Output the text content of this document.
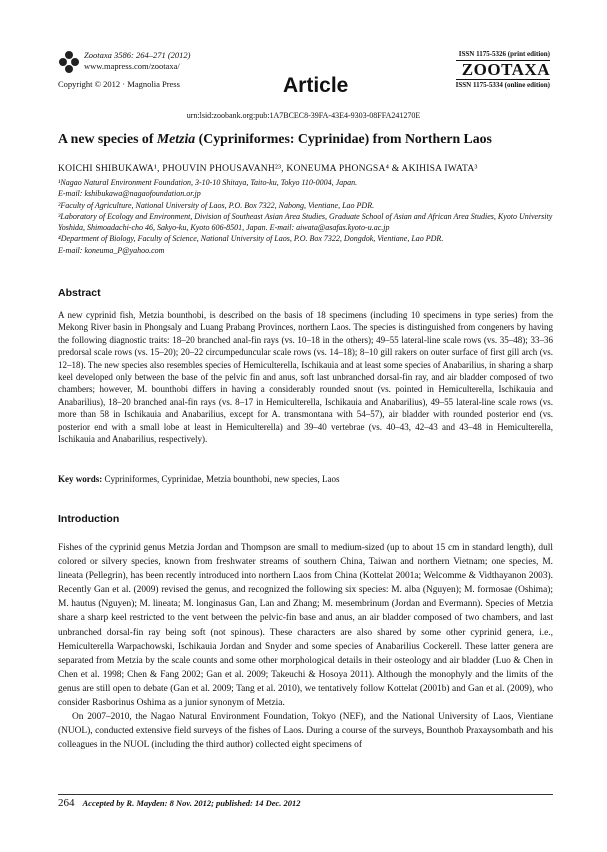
Zootaxa 3586: 264–271 (2012)
www.mapress.com/zootaxa/
Copyright © 2012 · Magnolia Press	Article
ISSN 1175-5326 (print edition)
ZOOTAXA
ISSN 1175-5334 (online edition)
urn:lsid:zoobank.org:pub:1A7BCEC8-39FA-43E4-9303-08FFA241270E
A new species of Metzia (Cypriniformes: Cyprinidae) from Northern Laos
KOICHI SHIBUKAWA¹, PHOUVIN PHOUSAVANH²³, KONEUMA PHONGSA⁴ & AKIHISA IWATA³
¹Nagao Natural Environment Foundation, 3-10-10 Shitaya, Taito-ku, Tokyo 110-0004, Japan.
E-mail: kshibukawa@nagaofoundation.or.jp
²Faculty of Agriculture, National University of Laos, P.O. Box 7322, Nabong, Vientiane, Lao PDR.
³Laboratory of Ecology and Environment, Division of Southeast Asian Area Studies, Graduate School of Asian and African Area Studies, Kyoto University Yoshida, Shimoadachi-cho 46, Sakyo-ku, Kyoto 606-8501, Japan. E-mail: aiwata@asafas.kyoto-u.ac.jp
⁴Department of Biology, Faculty of Science, National University of Laos, P.O. Box 7322, Dongdok, Vientiane, Lao PDR.
E-mail: koneuma_P@yahoo.com
Abstract
A new cyprinid fish, Metzia bounthobi, is described on the basis of 18 specimens (including 10 specimens in type series) from the Mekong River basin in Phongsaly and Luang Prabang Provinces, northern Laos. The species is distinguished from congeners by having the following diagnostic traits: 18–20 branched anal-fin rays (vs. 10–18 in the others); 49–55 lateral-line scale rows (vs. 35–48); 33–36 predorsal scale rows (vs. 15–20); 20–22 circumpeduncular scale rows (vs. 14–18); 8–10 gill rakers on outer surface of first gill arch (vs. 12–18). The new species also resembles species of Hemiculterella, Ischikauia and at least some species of Anabarilius, in sharing a sharp keel developed only between the base of the pelvic fin and anus, soft last unbranched dorsal-fin ray, and air bladder composed of two chambers; however, M. bounthobi differs in having a considerably rounded snout (vs. pointed in Hemiculterella, Ischikauia and Anabarilius), 18–20 branched anal-fin rays (vs. 8–17 in Hemiculterella, Ischikauia and Anabarilius), 49–55 lateral-line scale rows (vs. more than 58 in Ischikauia and Anabarilius, except for A. transmontana with 54–57), air bladder with rounded posterior end (vs. posterior end with a small lobe at least in Hemiculterella) and 39–40 vertebrae (vs. 40–43, 42–43 and 43–48 in Hemiculterella, Ischikauia and Anabarilius, respectively).
Key words: Cypriniformes, Cyprinidae, Metzia bounthobi, new species, Laos
Introduction

Fishes of the cyprinid genus Metzia Jordan and Thompson are small to medium-sized (up to about 15 cm in standard length), dull colored or silvery species, known from freshwater streams of southern China, Taiwan and northern Vietnam; one species, M. lineata (Pellegrin), has been recently introduced into northern Laos from China (Kottelat 2001a; Welcomme & Vidthayanon 2003). Recently Gan et al. (2009) revised the genus, and recognized the following six species: M. alba (Nguyen); M. formosae (Oshima); M. hautus (Nguyen); M. lineata; M. longinasus Gan, Lan and Zhang; M. mesembrinum (Jordan and Evermann). Species of Metzia share a sharp keel restricted to the vent between the pelvic-fin base and anus, an air bladder composed of two chambers, and last unbranched dorsal-fin ray being soft (not spinous). These characters are also shared by some other cyprinid genera, i.e., Hemiculterella Warpachowski, Ischikauia Jordan and Snyder and some species of Anabarilius Cockerell. These latter genera are separated from Metzia by the scale counts and some other morphological details in their osteology and air bladder (Luo & Chen in Chen et al. 1998; Chen & Fang 2002; Gan et al. 2009; Takeuchi & Hosoya 2011). Although the monophyly and the limits of the genus are still open to debate (Gan et al. 2009; Tang et al. 2010), we tentatively follow Kottelat (2001b) and Gan et al. (2009), who consider Rasborinus Oshima as a junior synonym of Metzia.

On 2007–2010, the Nagao Natural Environment Foundation, Tokyo (NEF), and the National University of Laos, Vientiane (NUOL), conducted extensive field surveys of the fishes of Laos. During a course of the surveys, Bounthob Praxaysombath and his colleagues in the NUOL (including the third author) collected eight specimens of

264 Accepted by R. Mayden: 8 Nov. 2012; published: 14 Dec. 2012
